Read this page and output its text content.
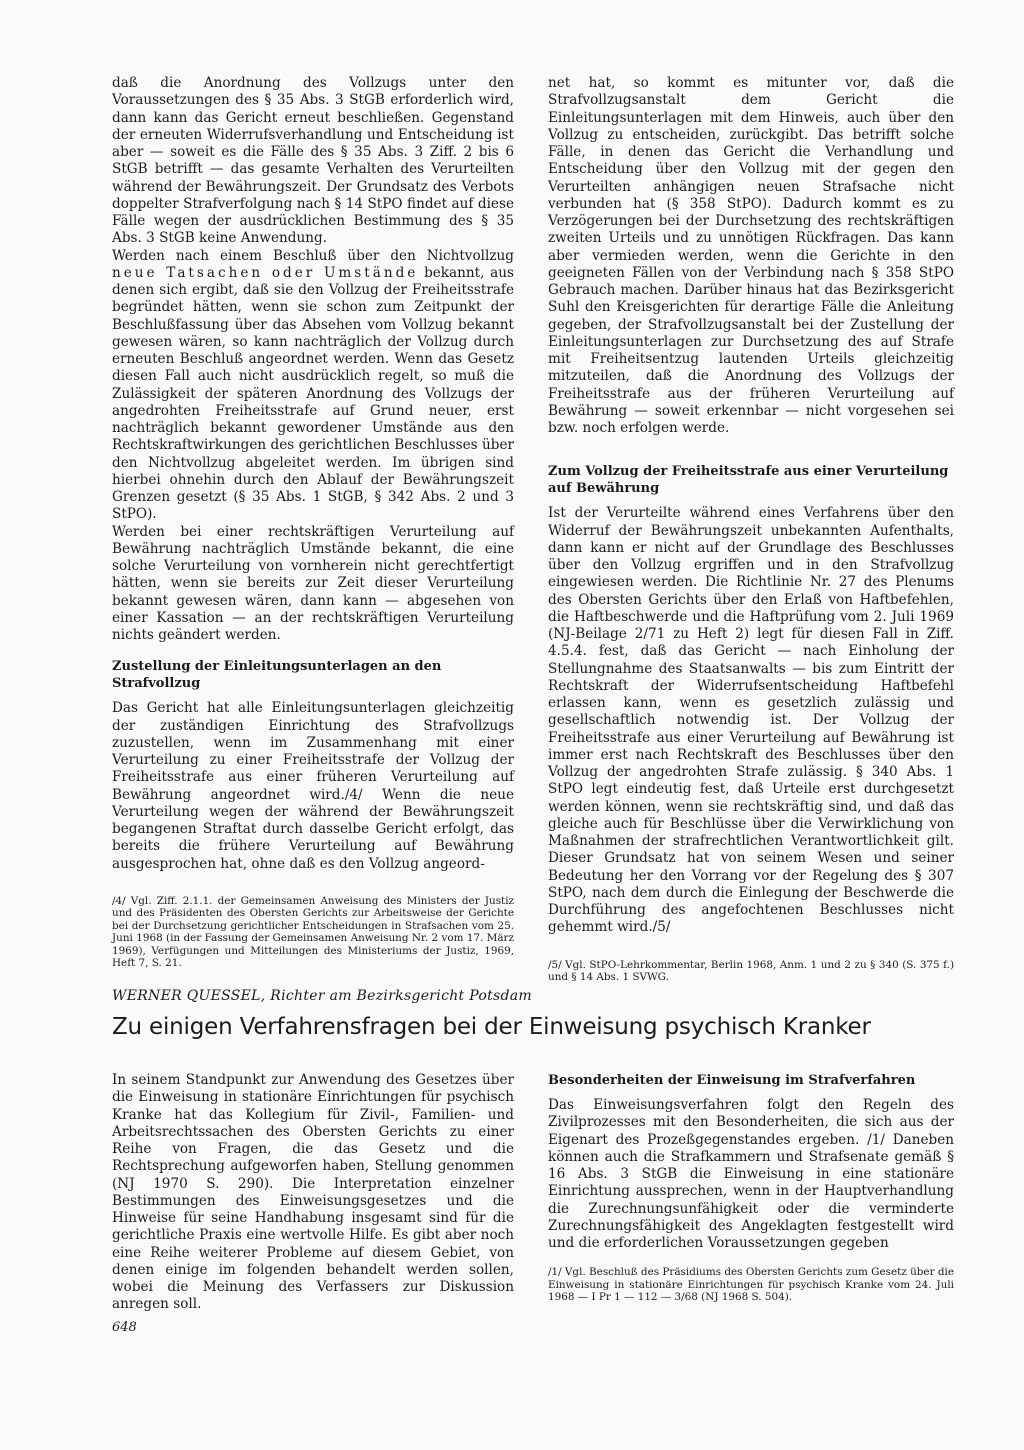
daß die Anordnung des Vollzugs unter den Voraussetzungen des § 35 Abs. 3 StGB erforderlich wird, dann kann das Gericht erneut beschließen. Gegenstand der erneuten Widerrufsverhandlung und Entscheidung ist aber — soweit es die Fälle des § 35 Abs. 3 Ziff. 2 bis 6 StGB betrifft — das gesamte Verhalten des Verurteilten während der Bewährungszeit. Der Grundsatz des Verbots doppelter Strafverfolgung nach § 14 StPO findet auf diese Fälle wegen der ausdrücklichen Bestimmung des § 35 Abs. 3 StGB keine Anwendung.

Werden nach einem Beschluß über den Nichtvollzug neue Tatsachen oder Umstände bekannt, aus denen sich ergibt, daß sie den Vollzug der Freiheitsstrafe begründet hätten, wenn sie schon zum Zeitpunkt der Beschlußfassung über das Absehen vom Vollzug bekannt gewesen wären, so kann nachträglich der Vollzug durch erneuten Beschluß angeordnet werden. Wenn das Gesetz diesen Fall auch nicht ausdrücklich regelt, so muß die Zulässigkeit der späteren Anordnung des Vollzugs der angedrohten Freiheitsstrafe auf Grund neuer, erst nachträglich bekannt gewordener Umstände aus den Rechtskraftwirkungen des gerichtlichen Beschlusses über den Nichtvollzug abgeleitet werden. Im übrigen sind hierbei ohnehin durch den Ablauf der Bewährungszeit Grenzen gesetzt (§ 35 Abs. 1 StGB, § 342 Abs. 2 und 3 StPO).

Werden bei einer rechtskräftigen Verurteilung auf Bewährung nachträglich Umstände bekannt, die eine solche Verurteilung von vornherein nicht gerechtfertigt hätten, wenn sie bereits zur Zeit dieser Verurteilung bekannt gewesen wären, dann kann — abgesehen von einer Kassation — an der rechtskräftigen Verurteilung nichts geändert werden.

Zustellung der Einleitungsunterlagen an den Strafvollzug

Das Gericht hat alle Einleitungsunterlagen gleichzeitig der zuständigen Einrichtung des Strafvollzugs zuzustellen, wenn im Zusammenhang mit einer Verurteilung zu einer Freiheitsstrafe der Vollzug der Freiheitsstrafe aus einer früheren Verurteilung auf Bewährung angeordnet wird./4/ Wenn die neue Verurteilung wegen der während der Bewährungszeit begangenen Straftat durch dasselbe Gericht erfolgt, das bereits die frühere Verurteilung auf Bewährung ausgesprochen hat, ohne daß es den Vollzug angeord-

/4/ Vgl. Ziff. 2.1.1. der Gemeinsamen Anweisung des Ministers der Justiz und des Präsidenten des Obersten Gerichts zur Arbeitsweise der Gerichte bei der Durchsetzung gerichtlicher Entscheidungen in Strafsachen vom 25. Juni 1968 (in der Fassung der Gemeinsamen Anweisung Nr. 2 vom 17. März 1969), Verfügungen und Mitteilungen des Ministeriums der Justiz, 1969, Heft 7, S. 21.

net hat, so kommt es mitunter vor, daß die Strafvollzugsanstalt dem Gericht die Einleitungsunterlagen mit dem Hinweis, auch über den Vollzug zu entscheiden, zurückgibt. Das betrifft solche Fälle, in denen das Gericht die Verhandlung und Entscheidung über den Vollzug mit der gegen den Verurteilten anhängigen neuen Strafsache nicht verbunden hat (§ 358 StPO). Dadurch kommt es zu Verzögerungen bei der Durchsetzung des rechtskräftigen zweiten Urteils und zu unnötigen Rückfragen. Das kann aber vermieden werden, wenn die Gerichte in den geeigneten Fällen von der Verbindung nach § 358 StPO Gebrauch machen. Darüber hinaus hat das Bezirksgericht Suhl den Kreisgerichten für derartige Fälle die Anleitung gegeben, der Strafvollzugsanstalt bei der Zustellung der Einleitungsunterlagen zur Durchsetzung des auf Strafe mit Freiheitsentzug lautenden Urteils gleichzeitig mitzuteilen, daß die Anordnung des Vollzugs der Freiheitsstrafe aus der früheren Verurteilung auf Bewährung — soweit erkennbar — nicht vorgesehen sei bzw. noch erfolgen werde.

Zum Vollzug der Freiheitsstrafe aus einer Verurteilung auf Bewährung

Ist der Verurteilte während eines Verfahrens über den Widerruf der Bewährungszeit unbekannten Aufenthalts, dann kann er nicht auf der Grundlage des Beschlusses über den Vollzug ergriffen und in den Strafvollzug eingewiesen werden. Die Richtlinie Nr. 27 des Plenums des Obersten Gerichts über den Erlaß von Haftbefehlen, die Haftbeschwerde und die Haftprüfung vom 2. Juli 1969 (NJ-Beilage 2/71 zu Heft 2) legt für diesen Fall in Ziff. 4.5.4. fest, daß das Gericht — nach Einholung der Stellungnahme des Staatsanwalts — bis zum Eintritt der Rechtskraft der Widerrufsentscheidung Haftbefehl erlassen kann, wenn es gesetzlich zulässig und gesellschaftlich notwendig ist. Der Vollzug der Freiheitsstrafe aus einer Verurteilung auf Bewährung ist immer erst nach Rechtskraft des Beschlusses über den Vollzug der angedrohten Strafe zulässig. § 340 Abs. 1 StPO legt eindeutig fest, daß Urteile erst durchgesetzt werden können, wenn sie rechtskräftig sind, und daß das gleiche auch für Beschlüsse über die Verwirklichung von Maßnahmen der strafrechtlichen Verantwortlichkeit gilt. Dieser Grundsatz hat von seinem Wesen und seiner Bedeutung her den Vorrang vor der Regelung des § 307 StPO, nach dem durch die Einlegung der Beschwerde die Durchführung des angefochtenen Beschlusses nicht gehemmt wird./5/

/5/ Vgl. StPO-Lehrkommentar, Berlin 1968, Anm. 1 und 2 zu § 340 (S. 375 f.) und § 14 Abs. 1 SVWG.

WERNER QUESSEL, Richter am Bezirksgericht Potsdam
Zu einigen Verfahrensfragen bei der Einweisung psychisch Kranker

In seinem Standpunkt zur Anwendung des Gesetzes über die Einweisung in stationäre Einrichtungen für psychisch Kranke hat das Kollegium für Zivil-, Familien- und Arbeitsrechtssachen des Obersten Gerichts zu einer Reihe von Fragen, die das Gesetz und die Rechtsprechung aufgeworfen haben, Stellung genommen (NJ 1970 S. 290). Die Interpretation einzelner Bestimmungen des Einweisungsgesetzes und die Hinweise für seine Handhabung insgesamt sind für die gerichtliche Praxis eine wertvolle Hilfe. Es gibt aber noch eine Reihe weiterer Probleme auf diesem Gebiet, von denen einige im folgenden behandelt werden sollen, wobei die Meinung des Verfassers zur Diskussion anregen soll.

Besonderheiten der Einweisung im Strafverfahren

Das Einweisungsverfahren folgt den Regeln des Zivilprozesses mit den Besonderheiten, die sich aus der Eigenart des Prozeßgegenstandes ergeben. /1/ Daneben können auch die Strafkammern und Strafsenate gemäß § 16 Abs. 3 StGB die Einweisung in eine stationäre Einrichtung aussprechen, wenn in der Hauptverhandlung die Zurechnungsunfähigkeit oder die verminderte Zurechnungsfähigkeit des Angeklagten festgestellt wird und die erforderlichen Voraussetzungen gegeben

/1/ Vgl. Beschluß des Präsidiums des Obersten Gerichts zum Gesetz über die Einweisung in stationäre Einrichtungen für psychisch Kranke vom 24. Juli 1968 — I Pr 1 — 112 — 3/68 (NJ 1968 S. 504).

648
